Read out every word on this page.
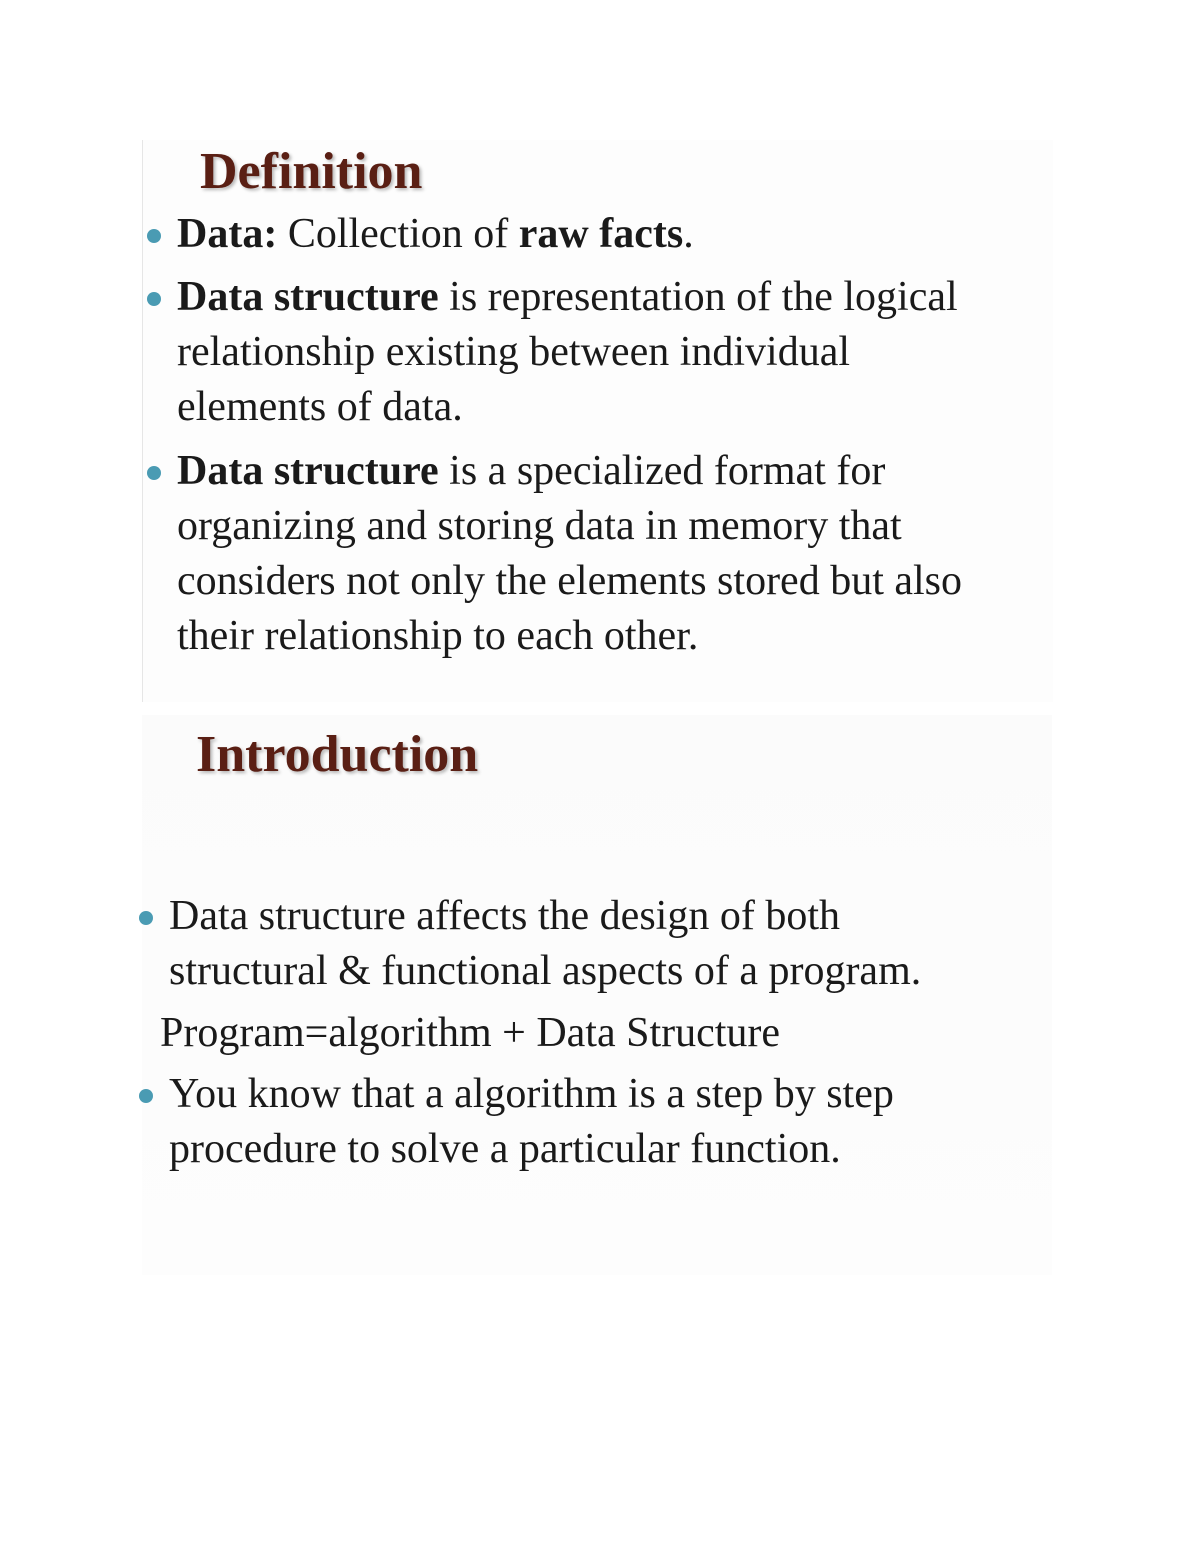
Definition
Data: Collection of raw facts.
Data structure is representation of the logical
relationship existing between individual
elements of data.
Data structure is a specialized format for
organizing and storing data in memory that
considers not only the elements stored but also
their relationship to each other.
Introduction
Data structure affects the design of both
structural & functional aspects of a program.
Program=algorithm + Data Structure
You know that a algorithm is a step by step
procedure to solve a particular function.
